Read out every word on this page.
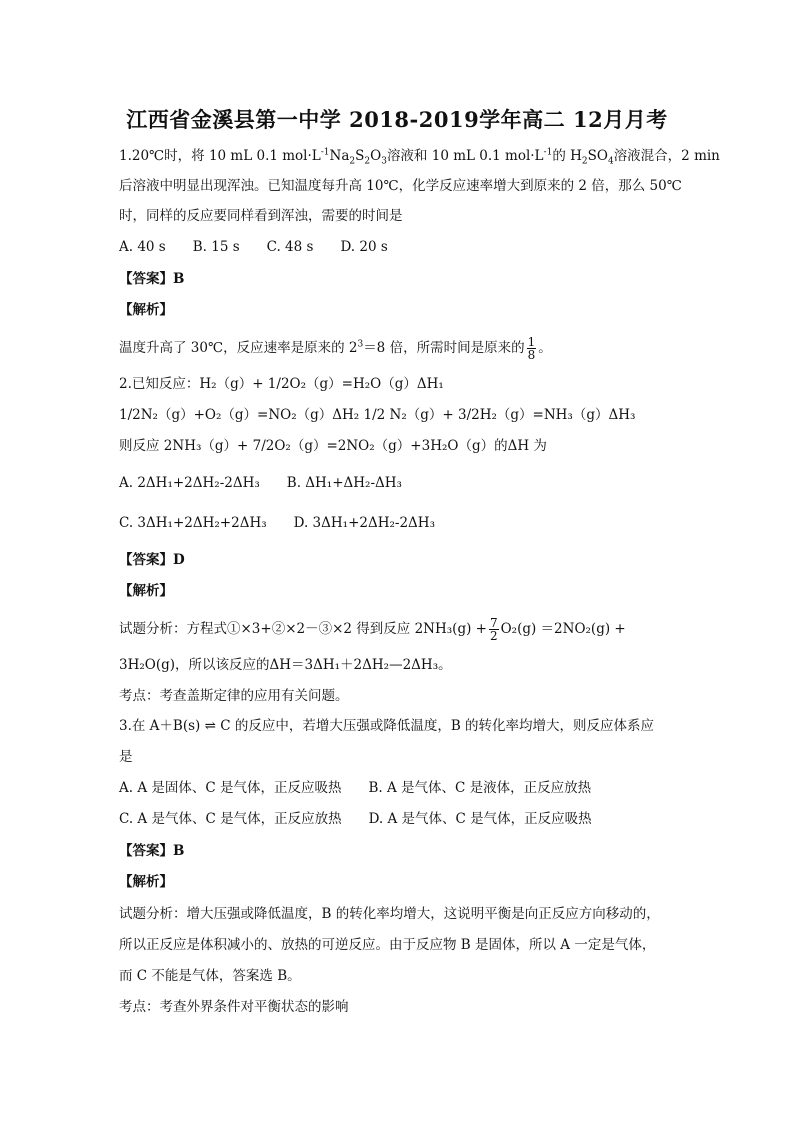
江西省金溪县第一中学 2018-2019学年高二 12月月考
1.20℃时，将 10 mL 0.1 $mol\cdot L^{-1}Na_2S_2O_3$溶液和 10 mL 0.1 $mol\cdot L^{-1}$的 $H_2SO_4$溶液混合，2 min
后溶液中明显出现浑浊。已知温度每升高 10℃，化学反应速率增大到原来的 2 倍，那么 50℃
时，同样的反应要同样看到浑浊，需要的时间是
A. 40 s　　B. 15 s　　C. 48 s　　D. 20 s
【答案】B
【解析】
温度升高了 30℃，反应速率是原来的 $2^3=8$ 倍，所需时间是原来的 $\frac{1}{8}$ 。
2.已知反应：H₂（g）+ 1/2O₂（g）=H₂O（g）ΔH₁
1/2N₂（g）+O₂（g）=NO₂（g）ΔH₂ 1/2 N₂（g）+ 3/2H₂（g）=NH₃（g）ΔH₃
则反应 2NH₃（g）+ 7/2O₂（g）=2NO₂（g）+3H₂O（g）的ΔH 为
A. 2ΔH₁+2ΔH₂-2ΔH₃　　B. ΔH₁+ΔH₂-ΔH₃
C. 3ΔH₁+2ΔH₂+2ΔH₃　　D. 3ΔH₁+2ΔH₂-2ΔH₃
【答案】D
【解析】
试题分析：方程式①×3+②×2－③×2 得到反应 $2NH_3(g) + \frac{7}{2} O_2(g) =2NO_2(g)$ +
3H₂O(g)，所以该反应的ΔH＝3ΔH₁＋2ΔH₂—2ΔH₃。
考点：考查盖斯定律的应用有关问题。
3.在 A＋B(s) ⇌ C 的反应中，若增大压强或降低温度，B 的转化率均增大，则反应体系应
是
A. A 是固体、C 是气体，正反应吸热　　B. A 是气体、C 是液体，正反应放热
C. A 是气体、C 是气体，正反应放热　　D. A 是气体、C 是气体，正反应吸热
【答案】B
【解析】
试题分析：增大压强或降低温度，B 的转化率均增大，这说明平衡是向正反应方向移动的，
所以正反应是体积减小的、放热的可逆反应。由于反应物 B 是固体，所以 A 一定是气体，
而 C 不能是气体，答案选 B。
考点：考查外界条件对平衡状态的影响
